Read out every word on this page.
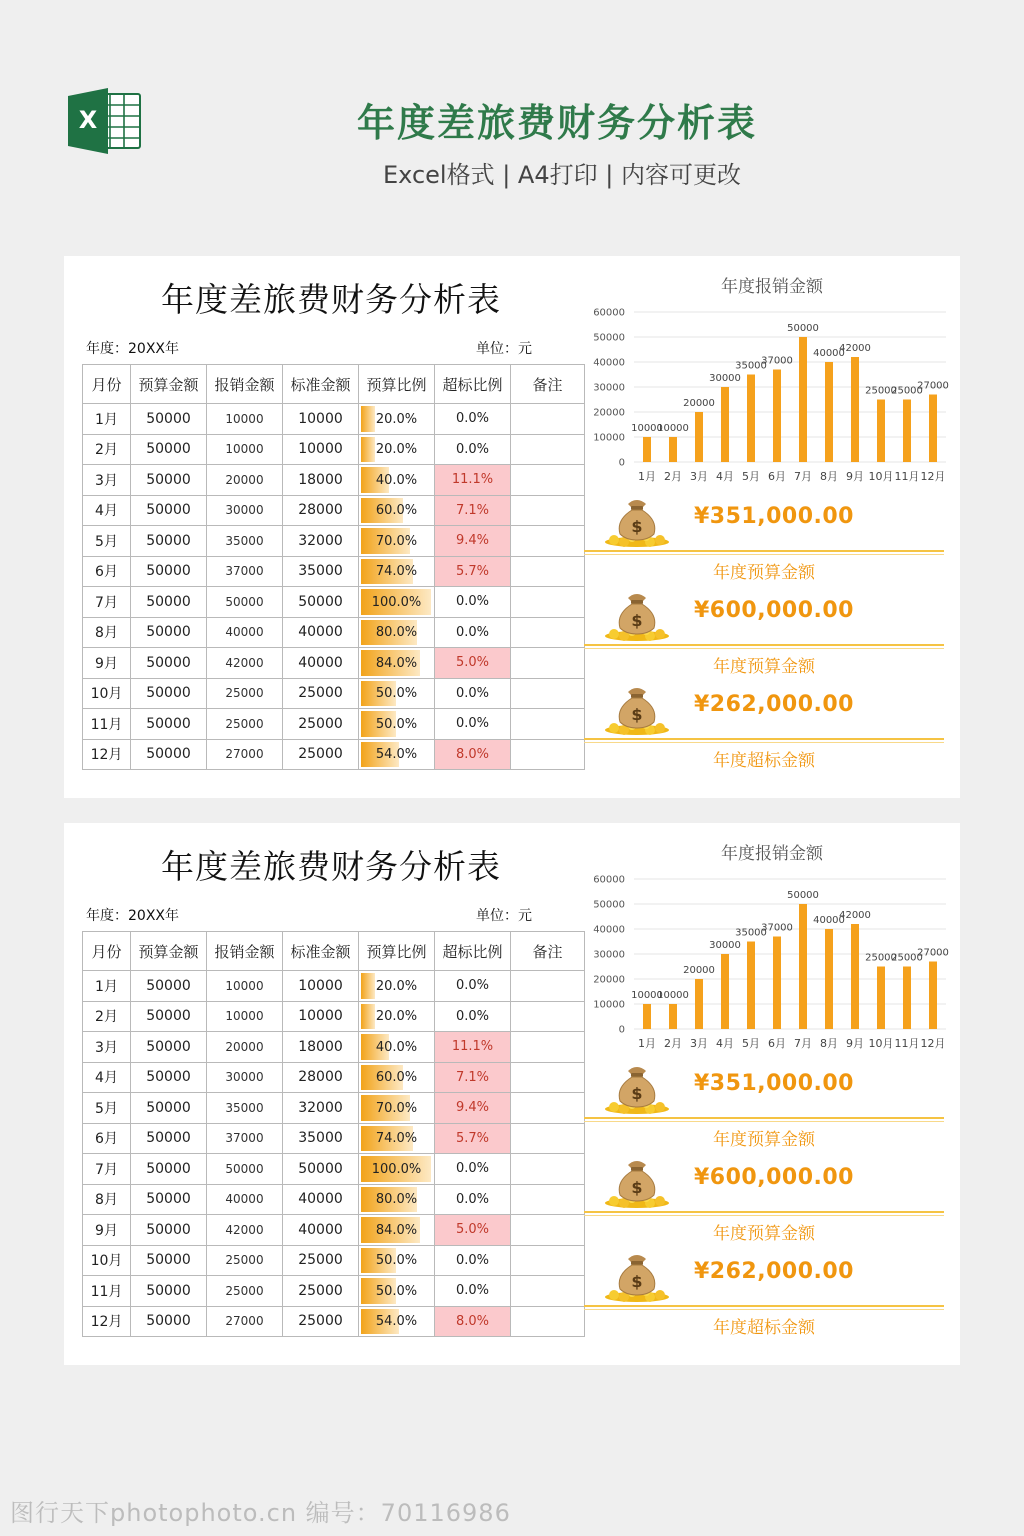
X	年度差旅费财务分析表
Excel格式 | A4打印 | 内容可更改
年度差旅费财务分析表
年度：20XX年	单位：元
月份	预算金额	报销金额	标准金额	预算比例	超标比例	备注
1月	50000	10000	10000	20.0%	0.0%	
2月	50000	10000	10000	20.0%	0.0%	
3月	50000	20000	18000	40.0%	11.1%	
4月	50000	30000	28000	60.0%	7.1%	
5月	50000	35000	32000	70.0%	9.4%	
6月	50000	37000	35000	74.0%	5.7%	
7月	50000	50000	50000	100.0%	0.0%	
8月	50000	40000	40000	80.0%	0.0%	
9月	50000	42000	40000	84.0%	5.0%	
10月	50000	25000	25000	50.0%	0.0%	
11月	50000	25000	25000	50.0%	0.0%	
12月	50000	27000	25000	54.0%	8.0%	
年度报销金额
0
10000
20000
30000
40000
50000
60000
10000
1月
10000
2月
20000
3月
30000
4月
35000
5月
37000
6月
50000
7月
40000
8月
42000
9月
25000
10月
25000
11月
27000
12月
$ ¥351,000.00
年度预算金额
$ ¥600,000.00
年度预算金额
$ ¥262,000.00
年度超标金额
年度差旅费财务分析表
年度：20XX年	单位：元
月份	预算金额	报销金额	标准金额	预算比例	超标比例	备注
1月	50000	10000	10000	20.0%	0.0%	
2月	50000	10000	10000	20.0%	0.0%	
3月	50000	20000	18000	40.0%	11.1%	
4月	50000	30000	28000	60.0%	7.1%	
5月	50000	35000	32000	70.0%	9.4%	
6月	50000	37000	35000	74.0%	5.7%	
7月	50000	50000	50000	100.0%	0.0%	
8月	50000	40000	40000	80.0%	0.0%	
9月	50000	42000	40000	84.0%	5.0%	
10月	50000	25000	25000	50.0%	0.0%	
11月	50000	25000	25000	50.0%	0.0%	
12月	50000	27000	25000	54.0%	8.0%	
年度报销金额
0
10000
20000
30000
40000
50000
60000
10000
1月
10000
2月
20000
3月
30000
4月
35000
5月
37000
6月
50000
7月
40000
8月
42000
9月
25000
10月
25000
11月
27000
12月
$ ¥351,000.00
年度预算金额
$ ¥600,000.00
年度预算金额
$ ¥262,000.00
年度超标金额
图行天下photophoto.cn 编号：70116986
